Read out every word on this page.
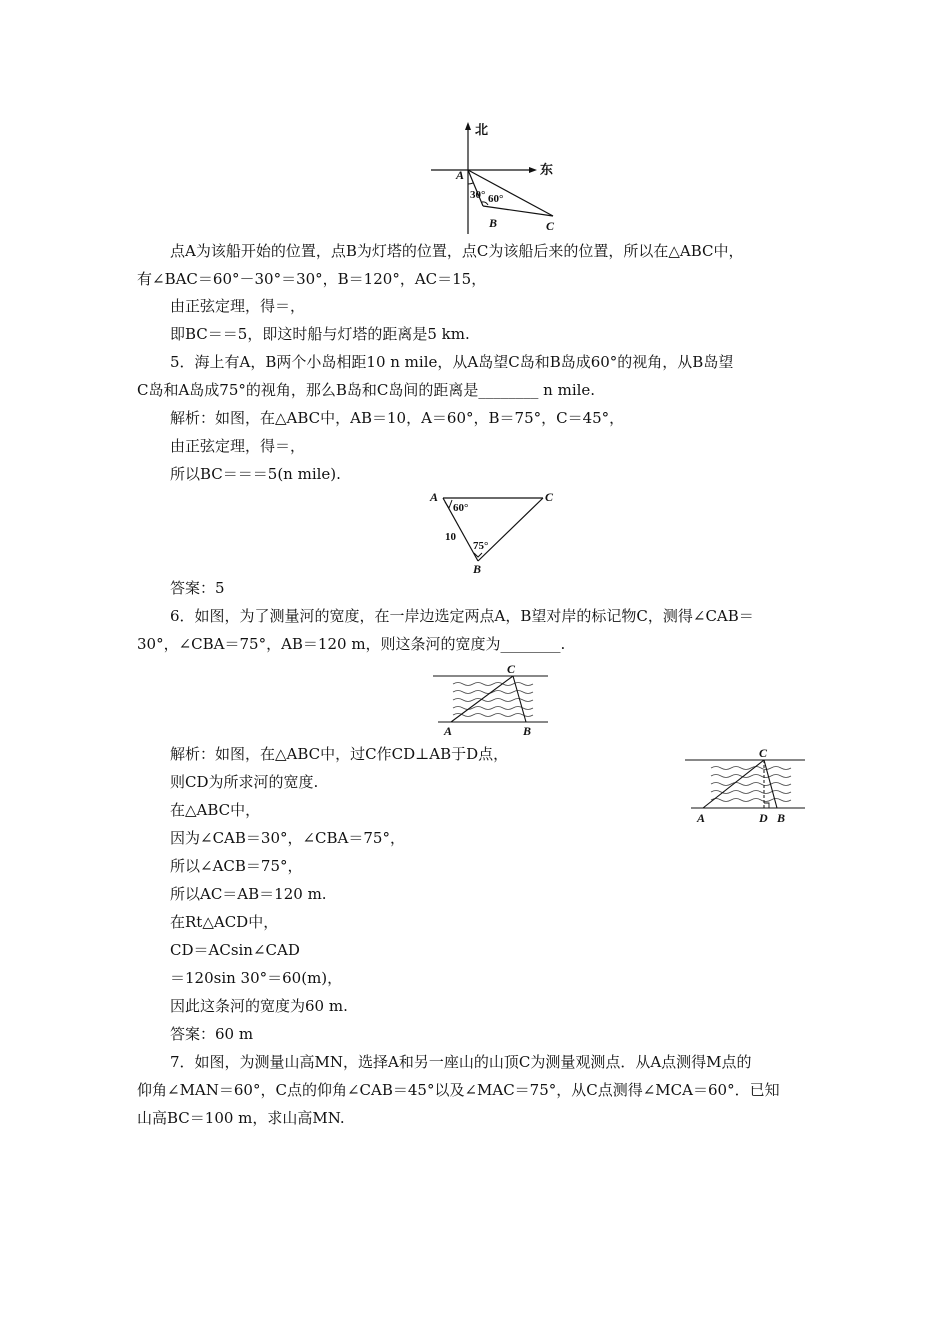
北
东
A
30° 60°
B	C
A	C
B
60°
75°
10
C
A	B
C
A	D B
点A为该船开始的位置，点B为灯塔的位置，点C为该船后来的位置，所以在△ABC中，
有∠BAC＝60°－30°＝30°，B＝120°，AC＝15，
由正弦定理，得＝，
即BC＝＝5，即这时船与灯塔的距离是5 km.
5．海上有A，B两个小岛相距10 n mile，从A岛望C岛和B岛成60°的视角，从B岛望
C岛和A岛成75°的视角，那么B岛和C岛间的距离是________ n mile.
解析：如图，在△ABC中，AB＝10，A＝60°，B＝75°，C＝45°，
由正弦定理，得＝，
所以BC＝＝＝5(n mile).
答案：5
6．如图，为了测量河的宽度，在一岸边选定两点A，B望对岸的标记物C，测得∠CAB＝
30°，∠CBA＝75°，AB＝120 m，则这条河的宽度为________.
解析：如图，在△ABC中，过C作CD⊥AB于D点，
则CD为所求河的宽度.
在△ABC中，
因为∠CAB＝30°，∠CBA＝75°，
所以∠ACB＝75°，
所以AC＝AB＝120 m.
在Rt△ACD中，
CD＝ACsin∠CAD
＝120sin 30°＝60(m)，
因此这条河的宽度为60 m.
答案：60 m
7．如图，为测量山高MN，选择A和另一座山的山顶C为测量观测点．从A点测得M点的
仰角∠MAN＝60°，C点的仰角∠CAB＝45°以及∠MAC＝75°，从C点测得∠MCA＝60°．已知
山高BC＝100 m，求山高MN.
